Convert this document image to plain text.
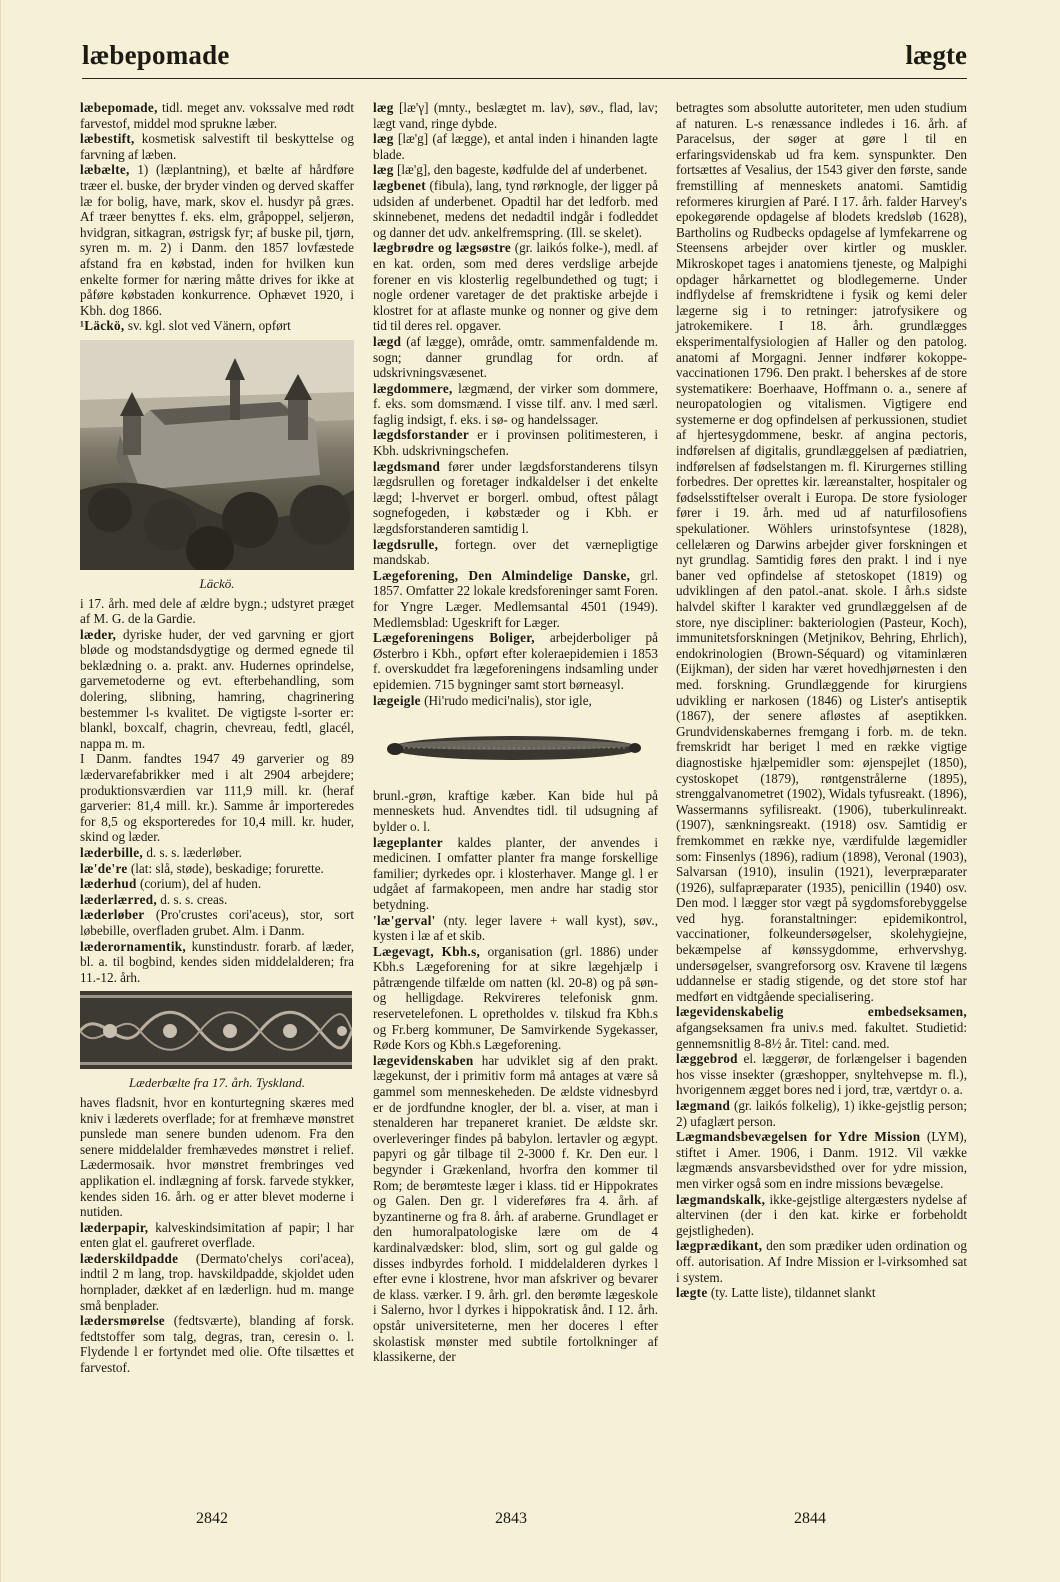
læbepomade	lægte
læbepomade, tidl. meget anv. vokssalve med rødt farvestof, middel mod sprukne læber.
læbestift, kosmetisk salvestift til beskyttelse og farvning af læben.
læbælte, 1) (læplantning), et bælte af hårdføre træer el. buske, der bryder vinden og derved skaffer læ for bolig, have, mark, skov el. husdyr på græs. Af træer benyttes f. eks. elm, gråpoppel, seljerøn, hvidgran, sitkagran, østrigsk fyr; af buske pil, tjørn, syren m. m. 2) i Danm. den 1857 lovfæstede afstand fra en købstad, inden for hvilken kun enkelte former for næring måtte drives for ikke at påføre købstaden konkurrence. Ophævet 1920, i Kbh. dog 1866.
¹Läckö, sv. kgl. slot ved Vänern, opført
Läckö.
i 17. årh. med dele af ældre bygn.; udstyret præget af M. G. de la Gardie.
læder, dyriske huder, der ved garvning er gjort bløde og modstandsdygtige og dermed egnede til beklædning o. a. prakt. anv. Hudernes oprindelse, garvemetoderne og evt. efterbehandling, som dolering, slibning, hamring, chagrinering bestemmer l-s kvalitet. De vigtigste l-sorter er: blankl, boxcalf, chagrin, chevreau, fedtl, glacél, nappa m. m.
I Danm. fandtes 1947 49 garverier og 89 lædervarefabrikker med i alt 2904 arbejdere; produktionsværdien var 111,9 mill. kr. (heraf garverier: 81,4 mill. kr.). Samme år importeredes for 8,5 og eksporteredes for 10,4 mill. kr. huder, skind og læder.
læderbille, d. s. s. læderløber.
læ'de're (lat: slå, støde), beskadige; forurette.
læderhud (corium), del af huden.
læderlærred, d. s. s. creas.
læderløber (Pro'crustes cori'aceus), stor, sort løbebille, overfladen grubet. Alm. i Danm.
læderornamentik, kunstindustr. forarb. af læder, bl. a. til bogbind, kendes siden middelalderen; fra 11.-12. årh.
Læderbælte fra 17. årh. Tyskland.
haves fladsnit, hvor en konturtegning skæres med kniv i læderets overflade; for at fremhæve mønstret punslede man senere bunden udenom. Fra den senere middelalder fremhævedes mønstret i relief. Lædermosaik. hvor mønstret frembringes ved applikation el. indlægning af forsk. farvede stykker, kendes siden 16. årh. og er atter blevet moderne i nutiden.
læderpapir, kalveskindsimitation af papir; l har enten glat el. gaufreret overflade.
læderskildpadde (Dermato'chelys cori'acea), indtil 2 m lang, trop. havskildpadde, skjoldet uden hornplader, dækket af en læderlign. hud m. mange små benplader.
lædersmørelse (fedtsværte), blanding af forsk. fedtstoffer som talg, degras, tran, ceresin o. l. Flydende l er fortyndet med olie. Ofte tilsættes et farvestof.
læg [læ'γ] (mnty., beslægtet m. lav), søv., flad, lav; lægt vand, ringe dybde.
læg [læ'g] (af lægge), et antal inden i hinanden lagte blade.
læg [læ'g], den bageste, kødfulde del af underbenet.
lægbenet (fibula), lang, tynd rørknogle, der ligger på udsiden af underbenet. Opadtil har det ledforb. med skinnebenet, medens det nedadtil indgår i fodleddet og danner det udv. ankelfremspring. (Ill. se skelet).
lægbrødre og lægsøstre (gr. laikós folke-), medl. af en kat. orden, som med deres verdslige arbejde forener en vis klosterlig regelbundethed og tugt; i nogle ordener varetager de det praktiske arbejde i klostret for at aflaste munke og nonner og give dem tid til deres rel. opgaver.
lægd (af lægge), område, omtr. sammenfaldende m. sogn; danner grundlag for ordn. af udskrivningsvæsenet.
lægdommere, lægmænd, der virker som dommere, f. eks. som domsmænd. I visse tilf. anv. l med særl. faglig indsigt, f. eks. i sø- og handelssager.
lægdsforstander er i provinsen politimesteren, i Kbh. udskrivningschefen.
lægdsmand fører under lægdsforstanderens tilsyn lægdsrullen og foretager indkaldelser i det enkelte lægd; l-hvervet er borgerl. ombud, oftest pålagt sognefogeden, i købstæder og i Kbh. er lægdsforstanderen samtidig l.
lægdsrulle, fortegn. over det værnepligtige mandskab.
Lægeforening, Den Almindelige Danske, grl. 1857. Omfatter 22 lokale kredsforeninger samt Foren. for Yngre Læger. Medlemsantal 4501 (1949). Medlemsblad: Ugeskrift for Læger.
Lægeforeningens Boliger, arbejderboliger på Østerbro i Kbh., opført efter koleraepidemien i 1853 f. overskuddet fra lægeforeningens indsamling under epidemien. 715 bygninger samt stort børneasyl.
lægeigle (Hi'rudo medici'nalis), stor igle,
brunl.-grøn, kraftige kæber. Kan bide hul på menneskets hud. Anvendtes tidl. til udsugning af bylder o. l.
lægeplanter kaldes planter, der anvendes i medicinen. I omfatter planter fra mange forskellige familier; dyrkedes opr. i klosterhaver. Mange gl. l er udgået af farmakopeen, men andre har stadig stor betydning.
'læ'gerval' (nty. leger lavere + wall kyst), søv., kysten i læ af et skib.
Lægevagt, Kbh.s, organisation (grl. 1886) under Kbh.s Lægeforening for at sikre lægehjælp i påtrængende tilfælde om natten (kl. 20-8) og på søn- og helligdage. Rekvireres telefonisk gnm. reservetelefonen. L opretholdes v. tilskud fra Kbh.s og Fr.berg kommuner, De Samvirkende Sygekasser, Røde Kors og Kbh.s Lægeforening.
lægevidenskaben har udviklet sig af den prakt. lægekunst, der i primitiv form må antages at være så gammel som menneskeheden. De ældste vidnesbyrd er de jordfundne knogler, der bl. a. viser, at man i stenalderen har trepaneret kraniet. De ældste skr. overleveringer findes på babylon. lertavler og ægypt. papyri og går tilbage til 2-3000 f. Kr. Den eur. l begynder i Grækenland, hvorfra den kommer til Rom; de berømteste læger i klass. tid er Hippokrates og Galen. Den gr. l videreføres fra 4. årh. af byzantinerne og fra 8. årh. af araberne. Grundlaget er den humoralpatologiske lære om de 4 kardinalvædsker: blod, slim, sort og gul galde og disses indbyrdes forhold. I middelalderen dyrkes l efter evne i klostrene, hvor man afskriver og bevarer de klass. værker. I 9. årh. grl. den berømte lægeskole i Salerno, hvor l dyrkes i hippokratisk ånd. I 12. årh. opstår universiteterne, men her doceres l efter skolastisk mønster med subtile fortolkninger af klassikerne, der
betragtes som absolutte autoriteter, men uden studium af naturen. L-s renæssance indledes i 16. årh. af Paracelsus, der søger at gøre l til en erfaringsvidenskab ud fra kem. synspunkter. Den fortsættes af Vesalius, der 1543 giver den første, sande fremstilling af menneskets anatomi. Samtidig reformeres kirurgien af Paré. I 17. årh. falder Harvey's epokegørende opdagelse af blodets kredsløb (1628), Bartholins og Rudbecks opdagelse af lymfekarrene og Steensens arbejder over kirtler og muskler. Mikroskopet tages i anatomiens tjeneste, og Malpighi opdager hårkarnettet og blodlegemerne. Under indflydelse af fremskridtene i fysik og kemi deler lægerne sig i to retninger: jatrofysikere og jatrokemikere. I 18. årh. grundlægges eksperimentalfysiologien af Haller og den patolog. anatomi af Morgagni. Jenner indfører kokoppe-vaccinationen 1796. Den prakt. l beherskes af de store systematikere: Boerhaave, Hoffmann o. a., senere af neuropatologien og vitalismen. Vigtigere end systemerne er dog opfindelsen af perkussionen, studiet af hjertesygdommene, beskr. af angina pectoris, indførelsen af digitalis, grundlæggelsen af pædiatrien, indførelsen af fødselstangen m. fl. Kirurgernes stilling forbedres. Der oprettes kir. læreanstalter, hospitaler og fødselsstiftelser overalt i Europa. De store fysiologer fører i 19. årh. med ud af naturfilosofiens spekulationer. Wöhlers urinstofsyntese (1828), cellelæren og Darwins arbejder giver forskningen et nyt grundlag. Samtidig føres den prakt. l ind i nye baner ved opfindelse af stetoskopet (1819) og udviklingen af den patol.-anat. skole. I årh.s sidste halvdel skifter l karakter ved grundlæggelsen af de store, nye discipliner: bakteriologien (Pasteur, Koch), immunitetsforskningen (Metjnikov, Behring, Ehrlich), endokrinologien (Brown-Séquard) og vitaminlæren (Eijkman), der siden har været hovedhjørnesten i den med. forskning. Grundlæggende for kirurgiens udvikling er narkosen (1846) og Lister's antiseptik (1867), der senere afløstes af aseptikken. Grundvidenskabernes fremgang i forb. m. de tekn. fremskridt har beriget l med en række vigtige diagnostiske hjælpemidler som: øjenspejlet (1850), cystoskopet (1879), røntgenstrålerne (1895), strenggalvanometret (1902), Widals tyfusreakt. (1896), Wassermanns syfilisreakt. (1906), tuberkulinreakt. (1907), sænkningsreakt. (1918) osv. Samtidig er fremkommet en række nye, værdifulde lægemidler som: Finsenlys (1896), radium (1898), Veronal (1903), Salvarsan (1910), insulin (1921), leverpræparater (1926), sulfapræparater (1935), penicillin (1940) osv. Den mod. l lægger stor vægt på sygdomsforebyggelse ved hyg. foranstaltninger: epidemikontrol, vaccinationer, folkeundersøgelser, skolehygiejne, bekæmpelse af kønssygdomme, erhvervshyg. undersøgelser, svangreforsorg osv. Kravene til lægens uddannelse er stadig stigende, og det store stof har medført en vidtgående specialisering.
lægevidenskabelig embedseksamen, afgangseksamen fra univ.s med. fakultet. Studietid: gennemsnitlig 8-8½ år. Titel: cand. med.
læggebrod el. læggerør, de forlængelser i bagenden hos visse insekter (græshopper, snyltehvepse m. fl.), hvorigennem ægget bores ned i jord, træ, værtdyr o. a.
lægmand (gr. laikós folkelig), 1) ikke-gejstlig person; 2) ufaglært person.
Lægmandsbevægelsen for Ydre Mission (LYM), stiftet i Amer. 1906, i Danm. 1912. Vil vække lægmænds ansvarsbevidsthed over for ydre mission, men virker også som en indre missions bevægelse.
lægmandskalk, ikke-gejstlige altergæsters nydelse af altervinen (der i den kat. kirke er forbeholdt gejstligheden).
lægprædikant, den som prædiker uden ordination og off. autorisation. Af Indre Mission er l-virksomhed sat i system.
lægte (ty. Latte liste), tildannet slankt
2842	2843	2844
